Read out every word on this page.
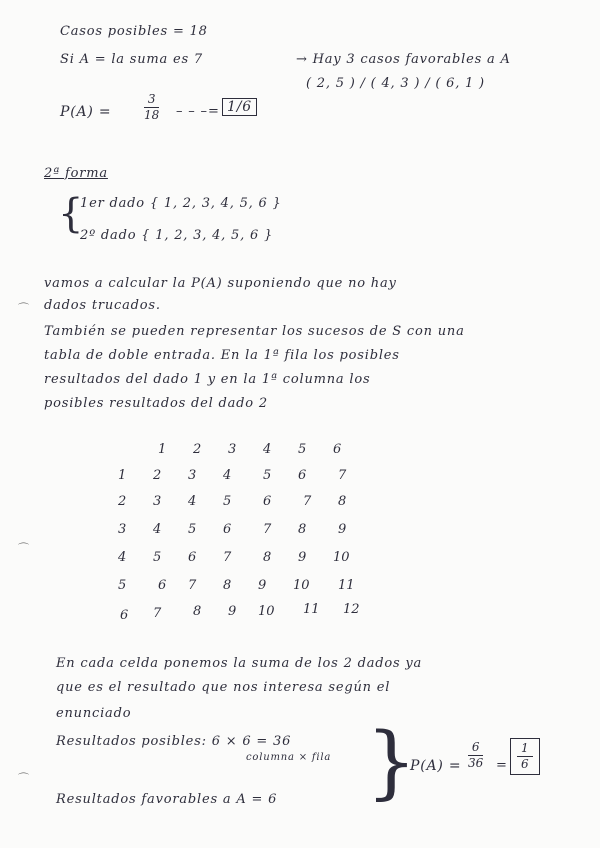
⌒
⌒
⌒
Casos posibles = 18
Si A = la suma es 7	→ Hay 3 casos favorables a A
( 2, 5 ) / ( 4, 3 ) / ( 6, 1 )
$P(A) = \frac{3}{18}$ – – – = 1/6
2ª forma
{
1er dado { 1, 2, 3, 4, 5, 6 }
2º dado { 1, 2, 3, 4, 5, 6 }
vamos a calcular la P(A) suponiendo que no hay
dados trucados.
También se pueden representar los sucesos de S con una
tabla de doble entrada. En la 1ª fila los posibles
resultados del dado 1 y en la 1ª columna los
posibles resultados del dado 2
1 2 3 4 5 6
1 2 3 4 5 6 7
2 3 4 5 6 7 8
3 4 5 6 7 8 9
4 5 6 7 8 9 10
5 6 7 8 9 10 11
6 7 8 9 10 11 12
En cada celda ponemos la suma de los 2 dados ya
que es el resultado que nos interesa según el
enunciado
Resultados posibles: 6 × 6 = 36
columna × fila
Resultados favorables a A = 6 }
$P(A) = \frac{6}{36} = \frac{1}{6}$
